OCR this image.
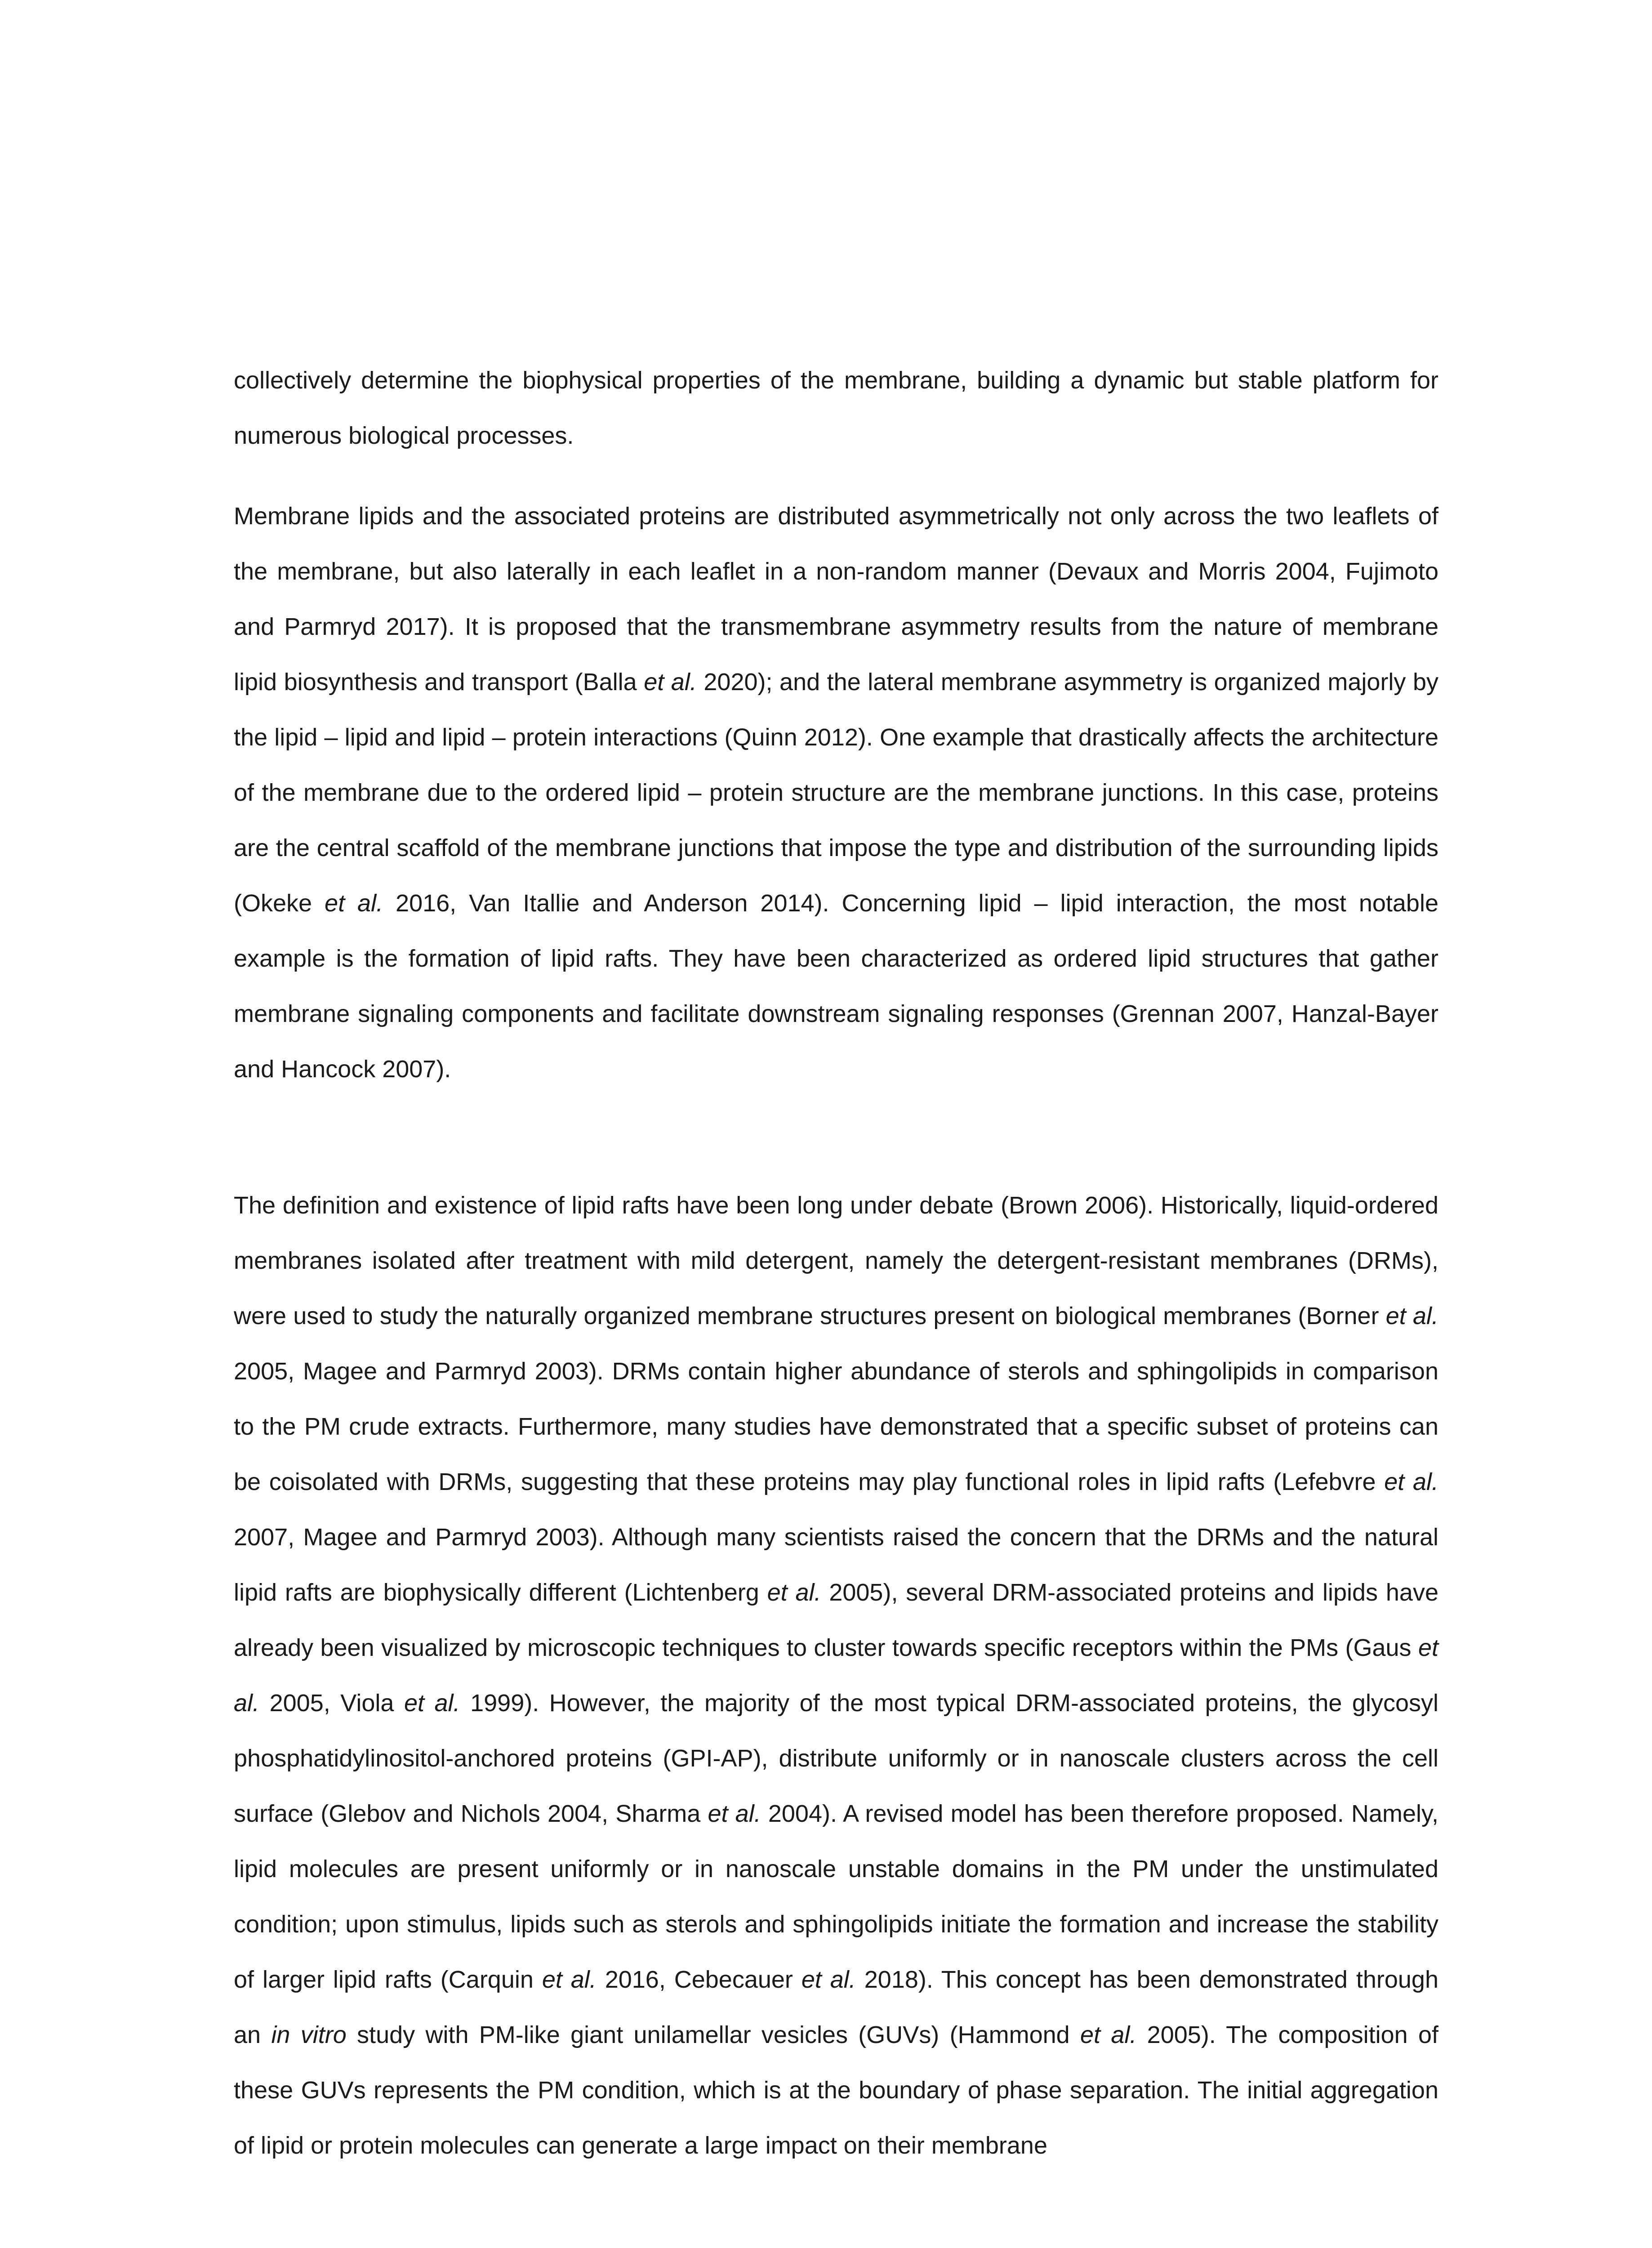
collectively determine the biophysical properties of the membrane, building a dynamic but stable platform for numerous biological processes.

Membrane lipids and the associated proteins are distributed asymmetrically not only across the two leaflets of the membrane, but also laterally in each leaflet in a non-random manner (Devaux and Morris 2004, Fujimoto and Parmryd 2017). It is proposed that the transmembrane asymmetry results from the nature of membrane lipid biosynthesis and transport (Balla et al. 2020); and the lateral membrane asymmetry is organized majorly by the lipid – lipid and lipid – protein interactions (Quinn 2012). One example that drastically affects the architecture of the membrane due to the ordered lipid – protein structure are the membrane junctions. In this case, proteins are the central scaffold of the membrane junctions that impose the type and distribution of the surrounding lipids (Okeke et al. 2016, Van Itallie and Anderson 2014). Concerning lipid – lipid interaction, the most notable example is the formation of lipid rafts. They have been characterized as ordered lipid structures that gather membrane signaling components and facilitate downstream signaling responses (Grennan 2007, Hanzal-Bayer and Hancock 2007).

The definition and existence of lipid rafts have been long under debate (Brown 2006). Historically, liquid-ordered membranes isolated after treatment with mild detergent, namely the detergent-resistant membranes (DRMs), were used to study the naturally organized membrane structures present on biological membranes (Borner et al. 2005, Magee and Parmryd 2003). DRMs contain higher abundance of sterols and sphingolipids in comparison to the PM crude extracts. Furthermore, many studies have demonstrated that a specific subset of proteins can be coisolated with DRMs, suggesting that these proteins may play functional roles in lipid rafts (Lefebvre et al. 2007, Magee and Parmryd 2003). Although many scientists raised the concern that the DRMs and the natural lipid rafts are biophysically different (Lichtenberg et al. 2005), several DRM-associated proteins and lipids have already been visualized by microscopic techniques to cluster towards specific receptors within the PMs (Gaus et al. 2005, Viola et al. 1999). However, the majority of the most typical DRM-associated proteins, the glycosyl phosphatidylinositol-anchored proteins (GPI-AP), distribute uniformly or in nanoscale clusters across the cell surface (Glebov and Nichols 2004, Sharma et al. 2004). A revised model has been therefore proposed. Namely, lipid molecules are present uniformly or in nanoscale unstable domains in the PM under the unstimulated condition; upon stimulus, lipids such as sterols and sphingolipids initiate the formation and increase the stability of larger lipid rafts (Carquin et al. 2016, Cebecauer et al. 2018). This concept has been demonstrated through an in vitro study with PM-like giant unilamellar vesicles (GUVs) (Hammond et al. 2005). The composition of these GUVs represents the PM condition, which is at the boundary of phase separation. The initial aggregation of lipid or protein molecules can generate a large impact on their membrane
